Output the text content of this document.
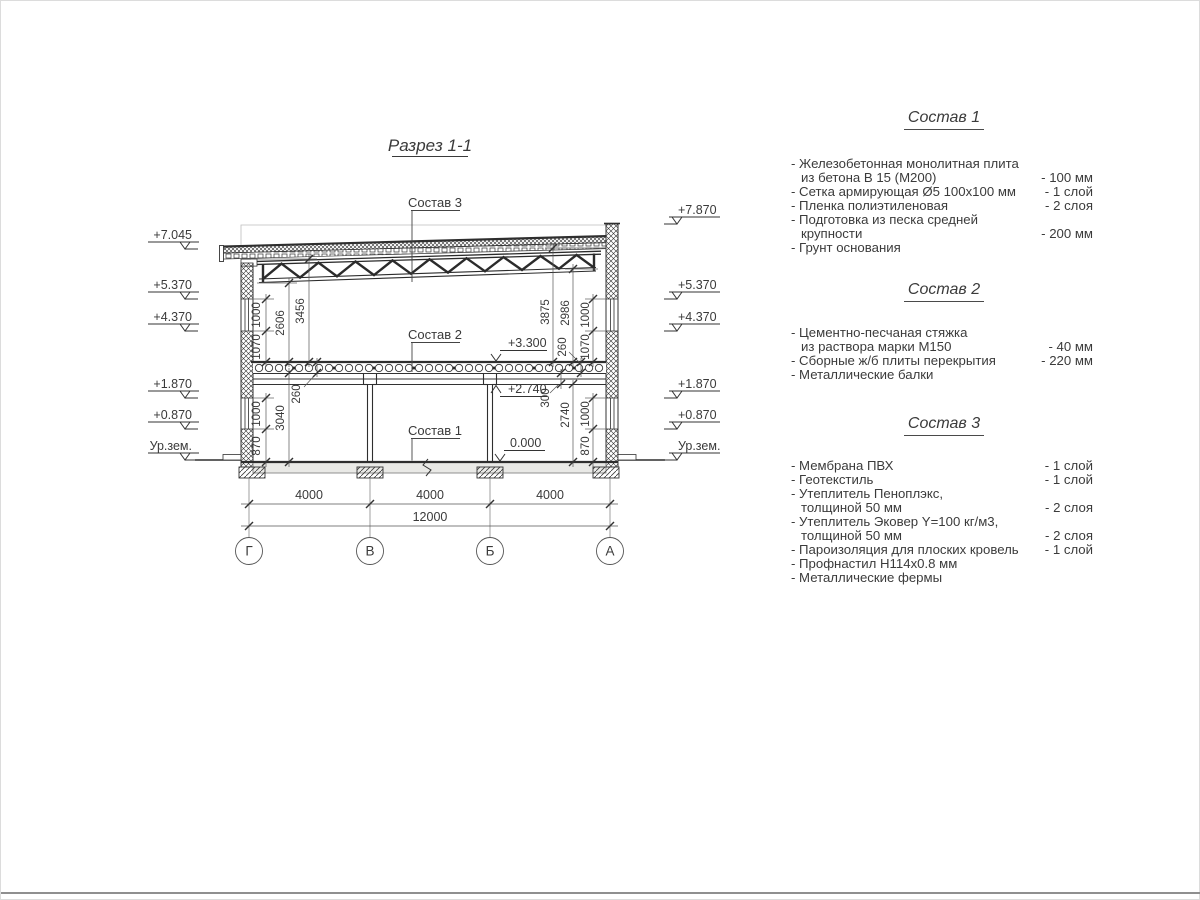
Разрез 1-1
1000
1070
2606 3456
260
3040
1000
870
1000
1070
2986
3875
260
300
2740 1000
870
4000	4000	4000
12000
Г	В	Б	А
+7.045
+5.370
+4.370
+1.870
+0.870
Ур.зем.
+7.870
+5.370
+4.370
+1.870
+0.870
Ур.зем.
+3.300
+2.740
0.000
Состав 3
Состав 2
Состав 1
Состав 1
- Железобетонная монолитная плита
из бетона В 15 (М200)	- 100 мм
- Сетка армирующая Ø5 100х100 мм	- 1 слой
- Пленка полиэтиленовая	- 2 слоя
- Подготовка из песка средней
крупности	- 200 мм
- Грунт основания
Состав 2
- Цементно-песчаная стяжка
из раствора марки М150	- 40 мм
- Сборные ж/б плиты перекрытия	- 220 мм
- Металлические балки
Состав 3
- Мембрана ПВХ	- 1 слой
- Геотекстиль	- 1 слой
- Утеплитель Пеноплэкс,
толщиной 50 мм	- 2 слоя
- Утеплитель Эковер Y=100 кг/м3,
толщиной 50 мм	- 2 слоя
- Пароизоляция для плоских кровель	- 1 слой
- Профнастил Н114х0.8 мм
- Металлические фермы
